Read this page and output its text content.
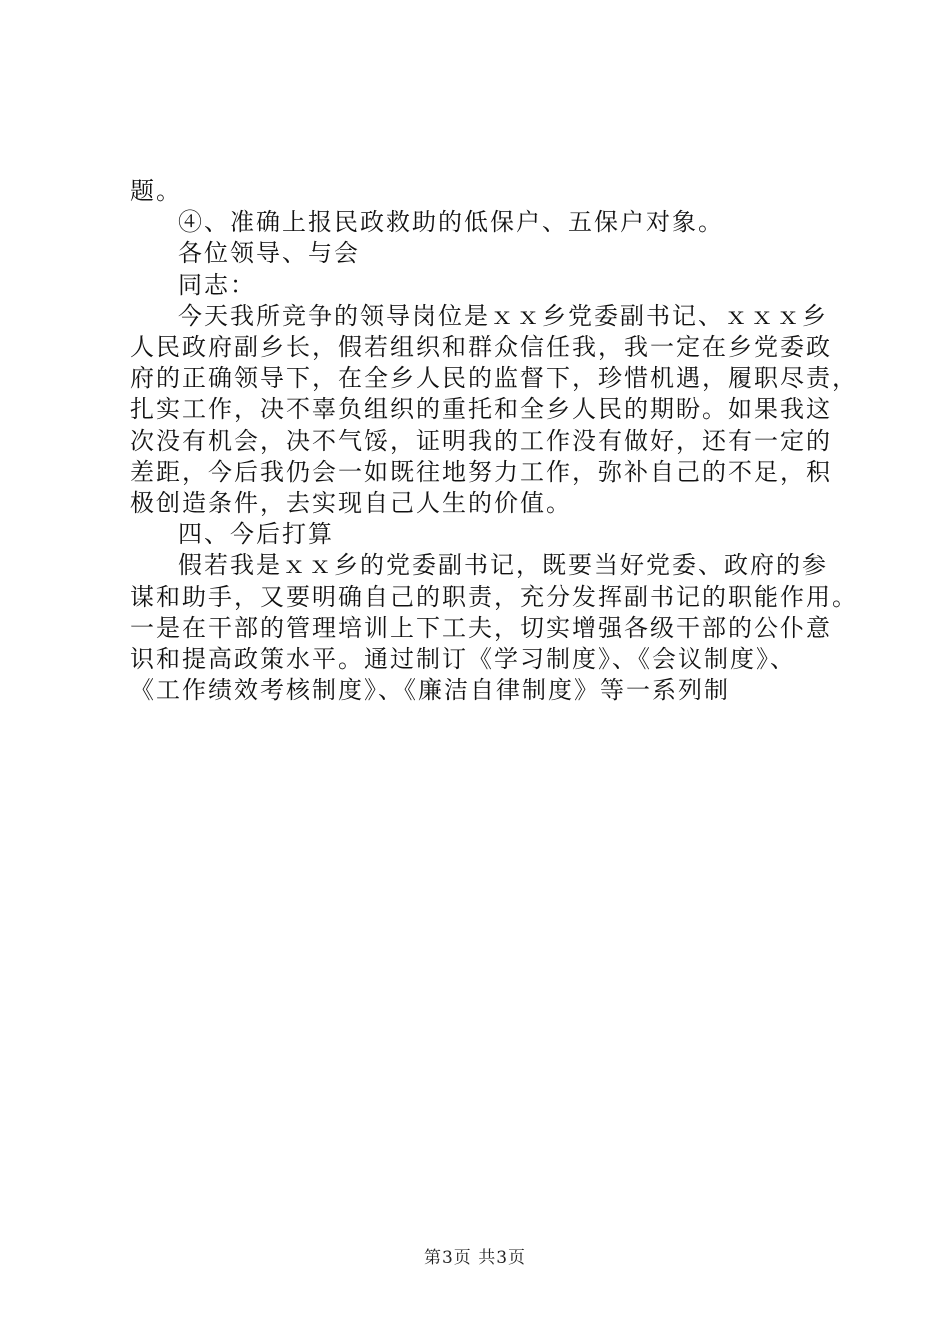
题。
④、准确上报民政救助的低保户、五保户对象。
各位领导、与会
同志：
今天我所竞争的领导岗位是ｘｘ乡党委副书记、ｘｘｘ乡
人民政府副乡长，假若组织和群众信任我，我一定在乡党委政
府的正确领导下，在全乡人民的监督下，珍惜机遇，履职尽责，
扎实工作，决不辜负组织的重托和全乡人民的期盼。如果我这
次没有机会，决不气馁，证明我的工作没有做好，还有一定的
差距，今后我仍会一如既往地努力工作，弥补自己的不足，积
极创造条件，去实现自己人生的价值。
四、今后打算
假若我是ｘｘ乡的党委副书记，既要当好党委、政府的参
谋和助手，又要明确自己的职责，充分发挥副书记的职能作用。
一是在干部的管理培训上下工夫，切实增强各级干部的公仆意
识和提高政策水平。通过制订《学习制度》、《会议制度》、
《工作绩效考核制度》、《廉洁自律制度》等一系列制
第3页 共3页
